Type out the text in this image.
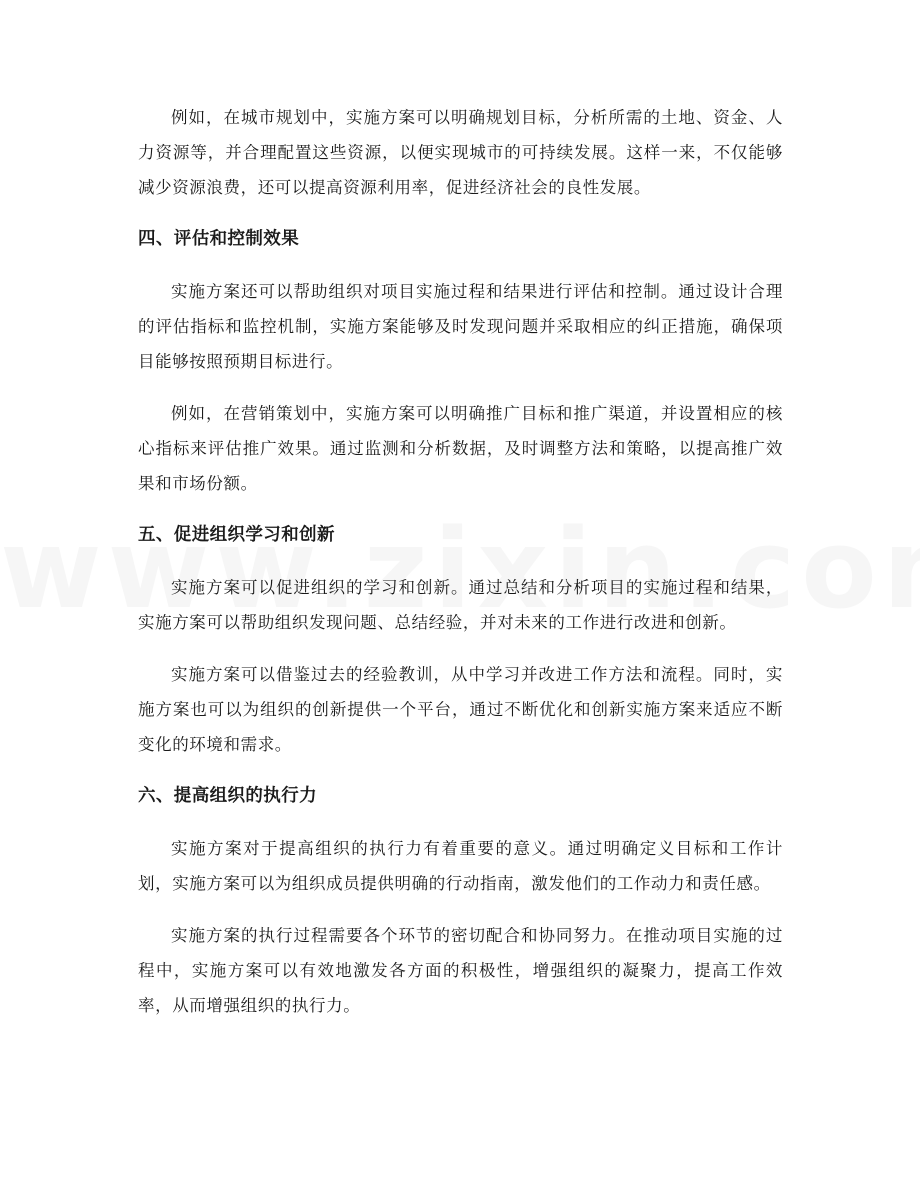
例如，在城市规划中，实施方案可以明确规划目标，分析所需的土地、资金、人力资源等，并合理配置这些资源，以便实现城市的可持续发展。这样一来，不仅能够减少资源浪费，还可以提高资源利用率，促进经济社会的良性发展。

四、评估和控制效果

实施方案还可以帮助组织对项目实施过程和结果进行评估和控制。通过设计合理的评估指标和监控机制，实施方案能够及时发现问题并采取相应的纠正措施，确保项目能够按照预期目标进行。

例如，在营销策划中，实施方案可以明确推广目标和推广渠道，并设置相应的核心指标来评估推广效果。通过监测和分析数据，及时调整方法和策略，以提高推广效果和市场份额。

五、促进组织学习和创新

实施方案可以促进组织的学习和创新。通过总结和分析项目的实施过程和结果，实施方案可以帮助组织发现问题、总结经验，并对未来的工作进行改进和创新。

实施方案可以借鉴过去的经验教训，从中学习并改进工作方法和流程。同时，实施方案也可以为组织的创新提供一个平台，通过不断优化和创新实施方案来适应不断变化的环境和需求。

六、提高组织的执行力

实施方案对于提高组织的执行力有着重要的意义。通过明确定义目标和工作计划，实施方案可以为组织成员提供明确的行动指南，激发他们的工作动力和责任感。

实施方案的执行过程需要各个环节的密切配合和协同努力。在推动项目实施的过程中，实施方案可以有效地激发各方面的积极性，增强组织的凝聚力，提高工作效率，从而增强组织的执行力。
